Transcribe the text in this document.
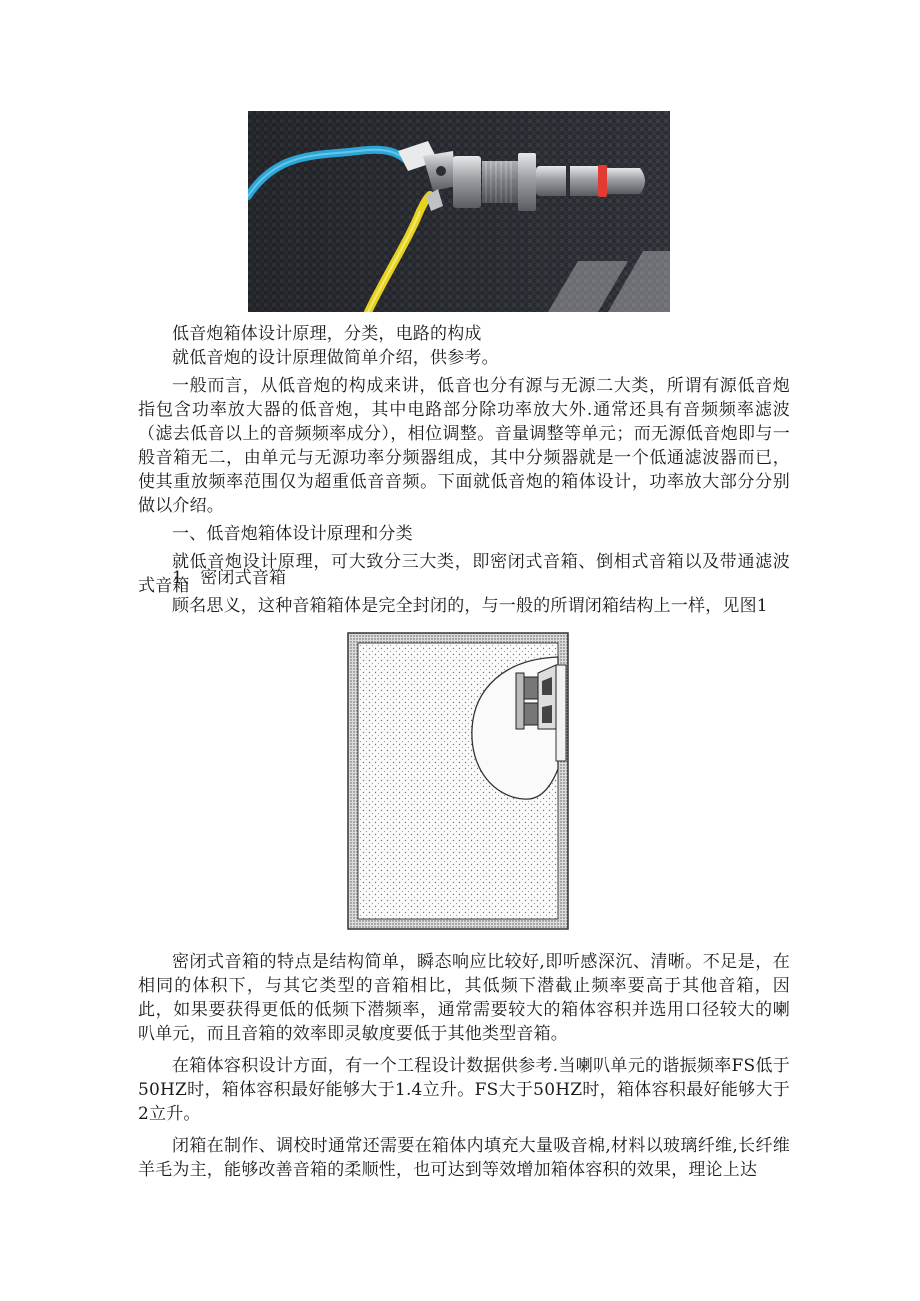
低音炮箱体设计原理，分类，电路的构成

就低音炮的设计原理做简单介绍，供参考。

一般而言，从低音炮的构成来讲，低音也分有源与无源二大类，所谓有源低音炮指包含功率放大器的低音炮，其中电路部分除功率放大外.通常还具有音频频率滤波（滤去低音以上的音频频率成分），相位调整。音量调整等单元；而无源低音炮即与一般音箱无二，由单元与无源功率分频器组成，其中分频器就是一个低通滤波器而已，使其重放频率范围仅为超重低音音频。下面就低音炮的箱体设计，功率放大部分分别做以介绍。

一、低音炮箱体设计原理和分类

就低音炮设计原理，可大致分三大类，即密闭式音箱、倒相式音箱以及带通滤波式音箱

1、密闭式音箱

顾名思义，这种音箱箱体是完全封闭的，与一般的所谓闭箱结构上一样，见图1

密闭式音箱的特点是结构简单，瞬态响应比较好,即听感深沉、清晰。不足是，在相同的体积下，与其它类型的音箱相比，其低频下潜截止频率要高于其他音箱，因此，如果要获得更低的低频下潜频率，通常需要较大的箱体容积并选用口径较大的喇叭单元，而且音箱的效率即灵敏度要低于其他类型音箱。

在箱体容积设计方面，有一个工程设计数据供参考.当喇叭单元的谐振频率FS低于50HZ时，箱体容积最好能够大于1.4立升。FS大于50HZ时，箱体容积最好能够大于2立升。

闭箱在制作、调校时通常还需要在箱体内填充大量吸音棉,材料以玻璃纤维,长纤维羊毛为主，能够改善音箱的柔顺性，也可达到等效增加箱体容积的效果，理论上达
